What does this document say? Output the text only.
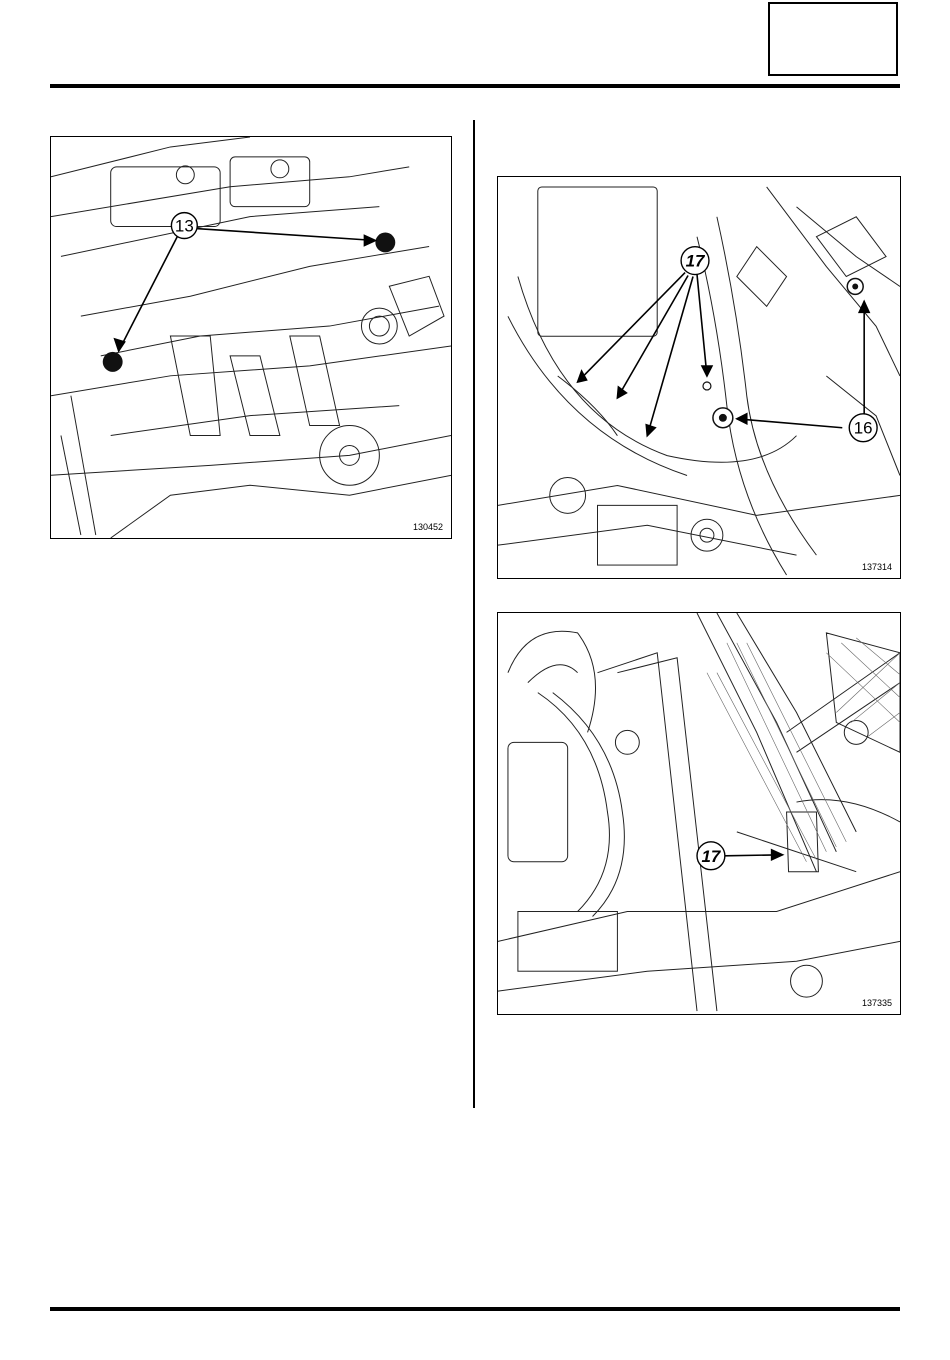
13
130452
17
16
137314
17
137335
